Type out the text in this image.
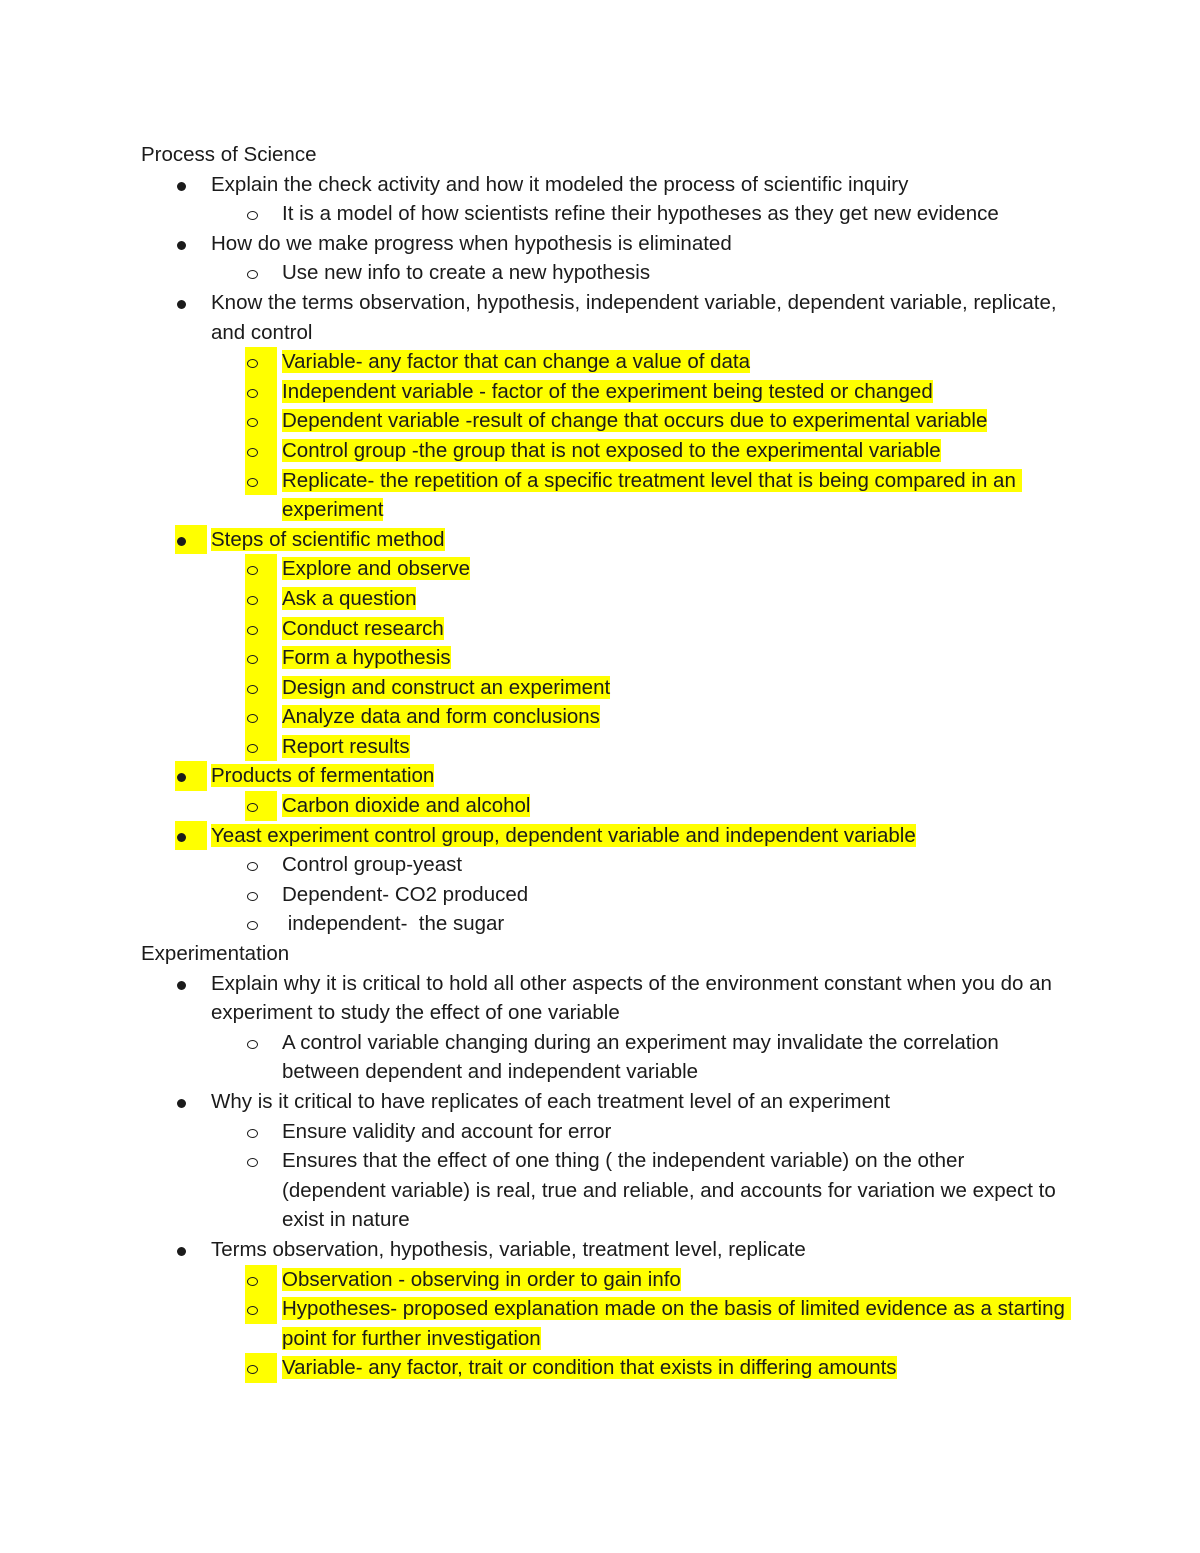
Process of Science
Explain the check activity and how it modeled the process of scientific inquiry
It is a model of how scientists refine their hypotheses as they get new evidence
How do we make progress when hypothesis is eliminated
Use new info to create a new hypothesis
Know the terms observation, hypothesis, independent variable, dependent variable, replicate, and control
Variable- any factor that can change a value of data
Independent variable - factor of the experiment being tested or changed
Dependent variable -result of change that occurs due to experimental variable
Control group -the group that is not exposed to the experimental variable
Replicate- the repetition of a specific treatment level that is being compared in an experiment
Steps of scientific method
Explore and observe
Ask a question
Conduct research
Form a hypothesis
Design and construct an experiment
Analyze data and form conclusions
Report results
Products of fermentation
Carbon dioxide and alcohol
Yeast experiment control group, dependent variable and independent variable
Control group-yeast
Dependent- CO2 produced
independent-  the sugar
Experimentation
Explain why it is critical to hold all other aspects of the environment constant when you do an experiment to study the effect of one variable
A control variable changing during an experiment may invalidate the correlation between dependent and independent variable
Why is it critical to have replicates of each treatment level of an experiment
Ensure validity and account for error
Ensures that the effect of one thing ( the independent variable) on the other (dependent variable) is real, true and reliable, and accounts for variation we expect to exist in nature
Terms observation, hypothesis, variable, treatment level, replicate
Observation - observing in order to gain info
Hypotheses- proposed explanation made on the basis of limited evidence as a starting point for further investigation
Variable- any factor, trait or condition that exists in differing amounts
